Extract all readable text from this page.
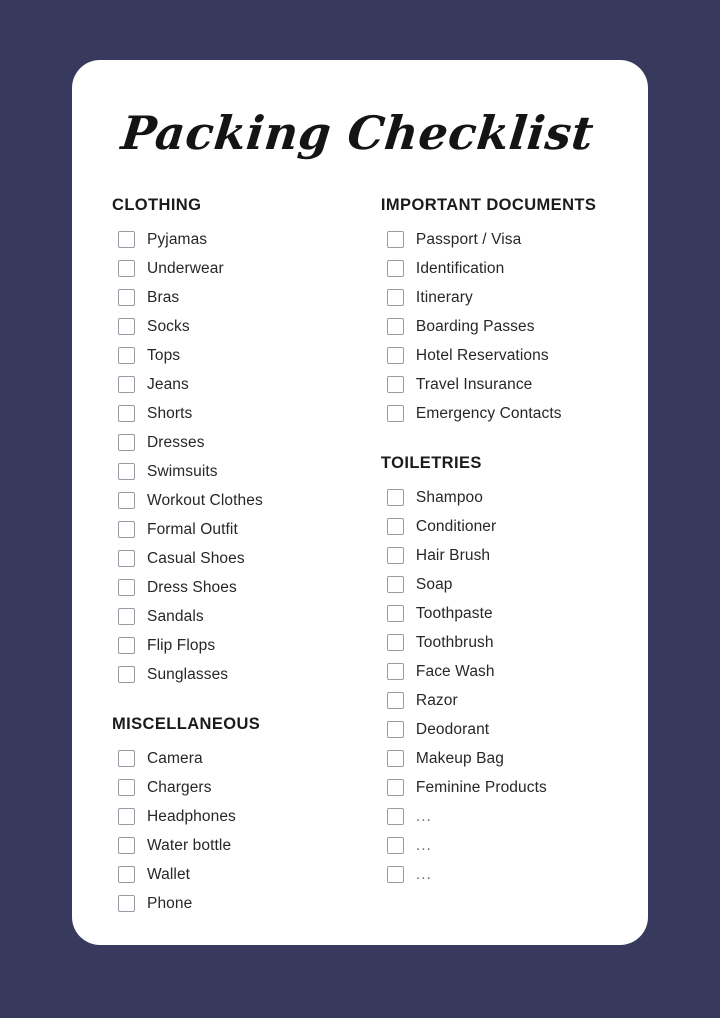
Packing Checklist
CLOTHING
Pyjamas
Underwear
Bras
Socks
Tops
Jeans
Shorts
Dresses
Swimsuits
Workout Clothes
Formal Outfit
Casual Shoes
Dress Shoes
Sandals
Flip Flops
Sunglasses
MISCELLANEOUS
Camera
Chargers
Headphones
Water bottle
Wallet
Phone
IMPORTANT DOCUMENTS
Passport / Visa
Identification
Itinerary
Boarding Passes
Hotel Reservations
Travel Insurance
Emergency Contacts
TOILETRIES
Shampoo
Conditioner
Hair Brush
Soap
Toothpaste
Toothbrush
Face Wash
Razor
Deodorant
Makeup Bag
Feminine Products
...
...
...
